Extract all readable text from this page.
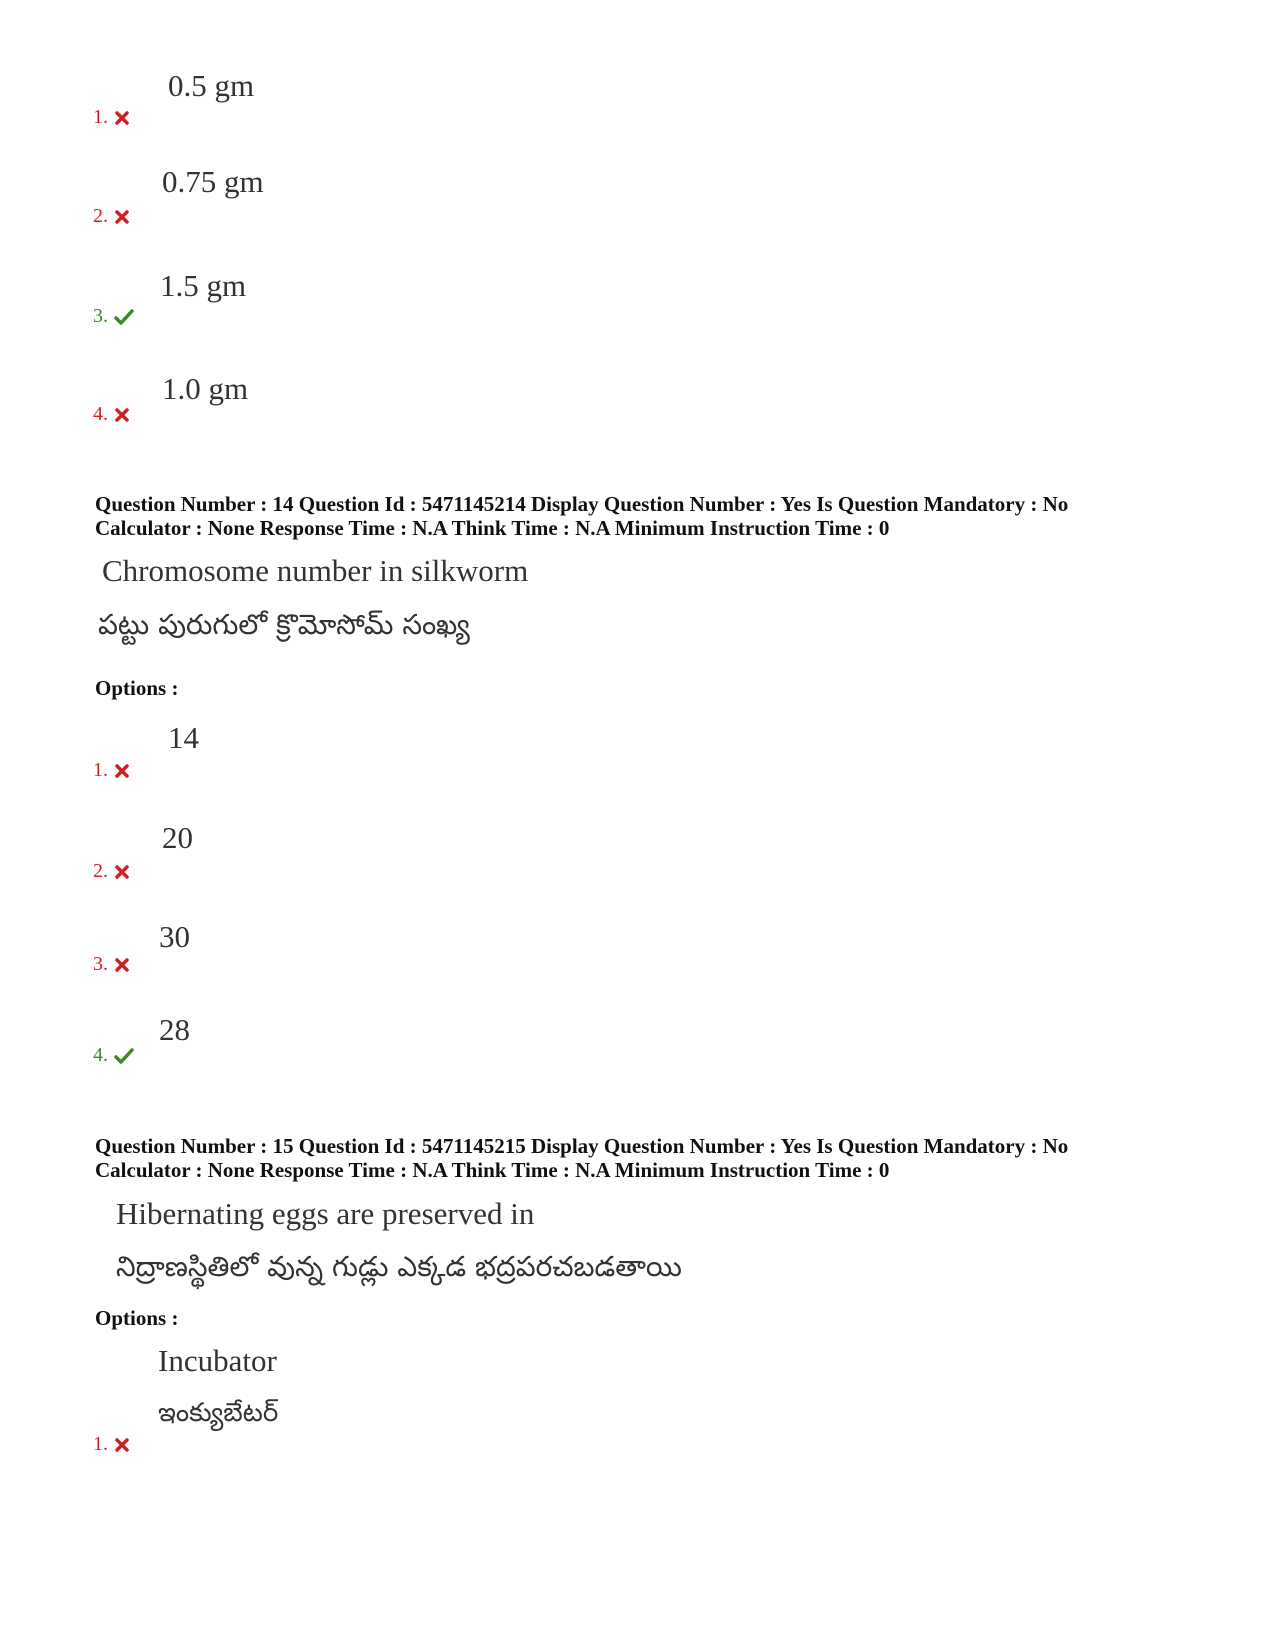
0.5 gm
1.
0.75 gm
2.
1.5 gm
3.
1.0 gm
4.
Question Number : 14 Question Id : 5471145214 Display Question Number : Yes Is Question Mandatory : No
Calculator : None Response Time : N.A Think Time : N.A Minimum Instruction Time : 0
Chromosome number in silkworm
పట్టు పురుగులో క్రొమోసోమ్ సంఖ్య
Options :
14
1.
20
2.
30
3.
28
4.
Question Number : 15 Question Id : 5471145215 Display Question Number : Yes Is Question Mandatory : No
Calculator : None Response Time : N.A Think Time : N.A Minimum Instruction Time : 0
Hibernating eggs are preserved in
నిద్రాణస్థితిలో వున్న గుడ్లు ఎక్కడ భద్రపరచబడతాయి
Options :
Incubator
ఇంక్యుబేటర్
1.
